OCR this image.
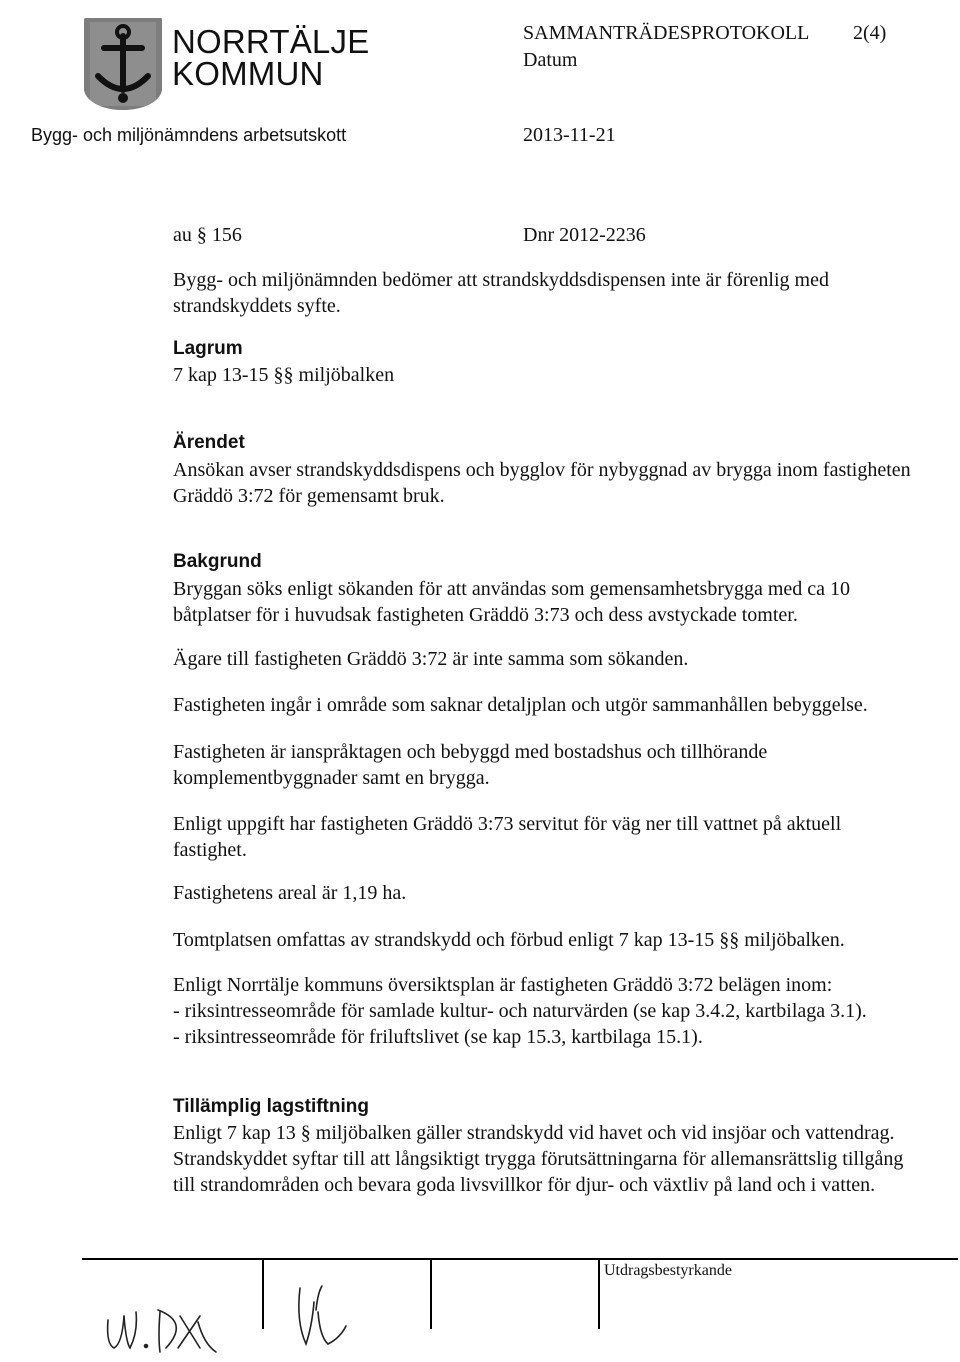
NORRTÄLJE
KOMMUN
SAMMANTRÄDESPROTOKOLL 2(4)
Datum
Bygg- och miljönämndens arbetsutskott	2013-11-21
au § 156	Dnr 2012-2236

Bygg- och miljönämnden bedömer att strandskyddsdispensen inte är förenlig med
strandskyddets syfte.

Lagrum
7 kap 13-15 §§ miljöbalken
Ärendet

Ansökan avser strandskyddsdispens och bygglov för nybyggnad av brygga inom fastigheten
Gräddö 3:72 för gemensamt bruk.

Bakgrund

Bryggan söks enligt sökanden för att användas som gemensamhetsbrygga med ca 10
båtplatser för i huvudsak fastigheten Gräddö 3:73 och dess avstyckade tomter.

Ägare till fastigheten Gräddö 3:72 är inte samma som sökanden.
Fastigheten ingår i område som saknar detaljplan och utgör sammanhållen bebyggelse.

Fastigheten är ianspråktagen och bebyggd med bostadshus och tillhörande
komplementbyggnader samt en brygga.

Enligt uppgift har fastigheten Gräddö 3:73 servitut för väg ner till vattnet på aktuell
fastighet.

Fastighetens areal är 1,19 ha.
Tomtplatsen omfattas av strandskydd och förbud enligt 7 kap 13-15 §§ miljöbalken.

Enligt Norrtälje kommuns översiktsplan är fastigheten Gräddö 3:72 belägen inom:
- riksintresseområde för samlade kultur- och naturvärden (se kap 3.4.2, kartbilaga 3.1).
- riksintresseområde för friluftslivet (se kap 15.3, kartbilaga 15.1).

Tillämplig lagstiftning

Enligt 7 kap 13 § miljöbalken gäller strandskydd vid havet och vid insjöar och vattendrag.
Strandskyddet syftar till att långsiktigt trygga förutsättningarna för allemansrättslig tillgång
till strandområden och bevara goda livsvillkor för djur- och växtliv på land och i vatten.

Utdragsbestyrkande
